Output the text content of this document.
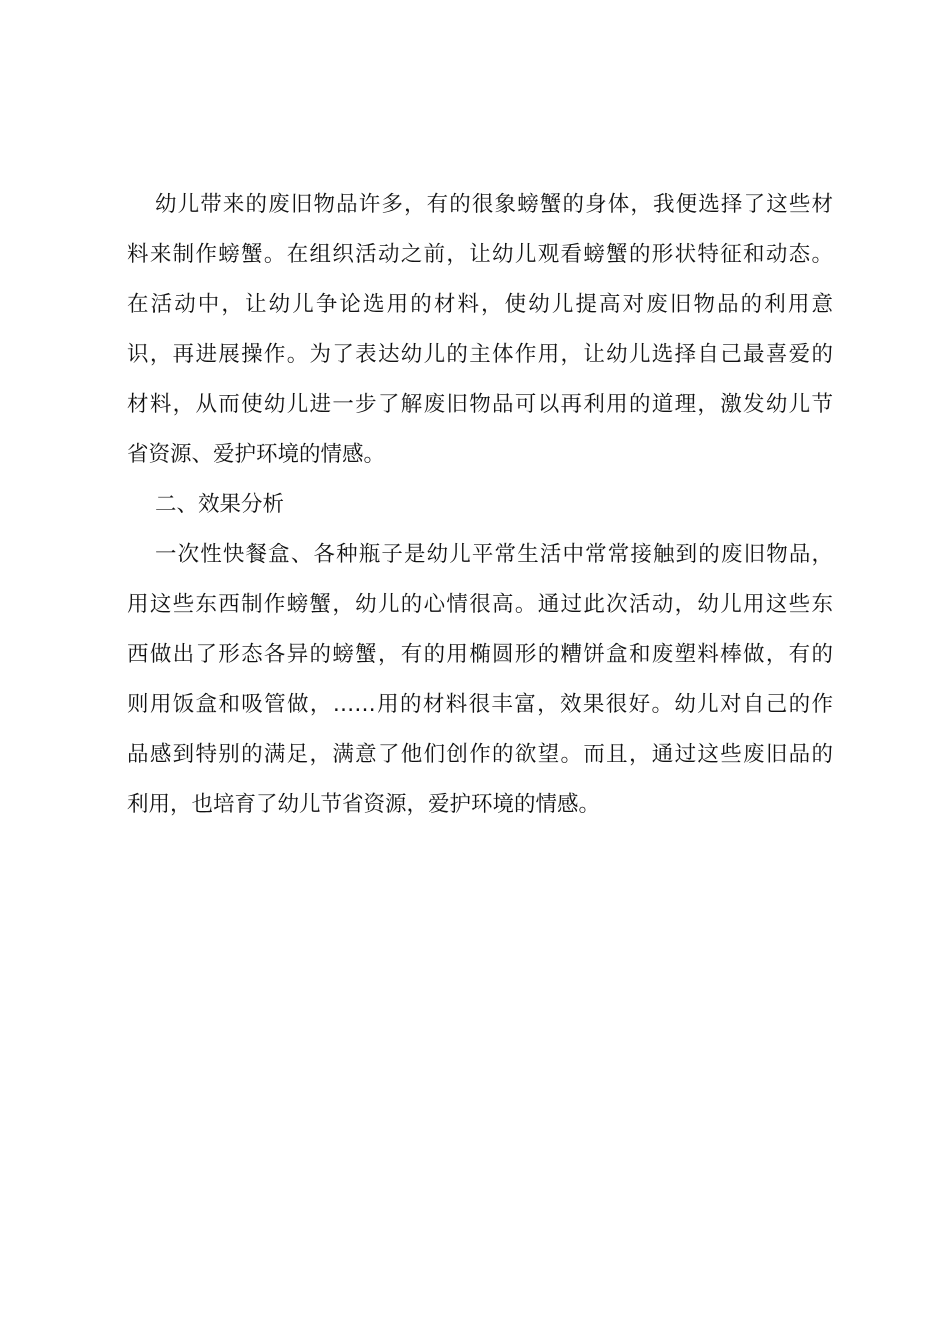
幼儿带来的废旧物品许多，有的很象螃蟹的身体，我便选择了这些材
料来制作螃蟹。在组织活动之前，让幼儿观看螃蟹的形状特征和动态。
在活动中，让幼儿争论选用的材料，使幼儿提高对废旧物品的利用意
识，再进展操作。为了表达幼儿的主体作用，让幼儿选择自己最喜爱的
材料，从而使幼儿进一步了解废旧物品可以再利用的道理，激发幼儿节
省资源、爱护环境的情感。
二、效果分析
一次性快餐盒、各种瓶子是幼儿平常生活中常常接触到的废旧物品，
用这些东西制作螃蟹，幼儿的心情很高。通过此次活动，幼儿用这些东
西做出了形态各异的螃蟹，有的用椭圆形的糟饼盒和废塑料棒做，有的
则用饭盒和吸管做，……用的材料很丰富，效果很好。幼儿对自己的作
品感到特别的满足，满意了他们创作的欲望。而且，通过这些废旧品的
利用，也培育了幼儿节省资源，爱护环境的情感。
